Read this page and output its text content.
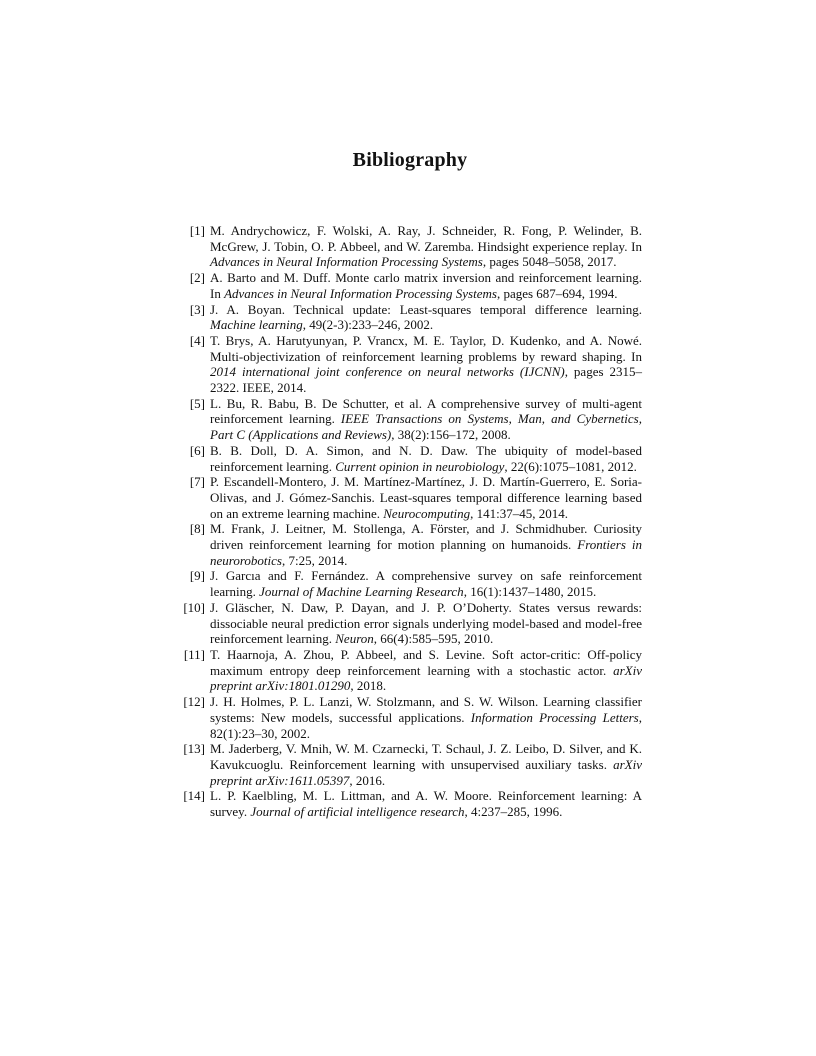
Bibliography
[1] M. Andrychowicz, F. Wolski, A. Ray, J. Schneider, R. Fong, P. Welinder, B. McGrew, J. Tobin, O. P. Abbeel, and W. Zaremba. Hindsight experience replay. In Advances in Neural Information Processing Systems, pages 5048–5058, 2017.
[2] A. Barto and M. Duff. Monte carlo matrix inversion and reinforcement learning. In Advances in Neural Information Processing Systems, pages 687–694, 1994.
[3] J. A. Boyan. Technical update: Least-squares temporal difference learning. Machine learning, 49(2-3):233–246, 2002.
[4] T. Brys, A. Harutyunyan, P. Vrancx, M. E. Taylor, D. Kudenko, and A. Nowé. Multi-objectivization of reinforcement learning problems by reward shaping. In 2014 international joint conference on neural networks (IJCNN), pages 2315–2322. IEEE, 2014.
[5] L. Bu, R. Babu, B. De Schutter, et al. A comprehensive survey of multi-agent reinforcement learning. IEEE Transactions on Systems, Man, and Cybernetics, Part C (Applications and Reviews), 38(2):156–172, 2008.
[6] B. B. Doll, D. A. Simon, and N. D. Daw. The ubiquity of model-based reinforcement learning. Current opinion in neurobiology, 22(6):1075–1081, 2012.
[7] P. Escandell-Montero, J. M. Martínez-Martínez, J. D. Martín-Guerrero, E. Soria-Olivas, and J. Gómez-Sanchis. Least-squares temporal difference learning based on an extreme learning machine. Neurocomputing, 141:37–45, 2014.
[8] M. Frank, J. Leitner, M. Stollenga, A. Förster, and J. Schmidhuber. Curiosity driven reinforcement learning for motion planning on humanoids. Frontiers in neurorobotics, 7:25, 2014.
[9] J. Garcıa and F. Fernández. A comprehensive survey on safe reinforcement learning. Journal of Machine Learning Research, 16(1):1437–1480, 2015.
[10] J. Gläscher, N. Daw, P. Dayan, and J. P. O’Doherty. States versus rewards: dissociable neural prediction error signals underlying model-based and model-free reinforcement learning. Neuron, 66(4):585–595, 2010.
[11] T. Haarnoja, A. Zhou, P. Abbeel, and S. Levine. Soft actor-critic: Off-policy maximum entropy deep reinforcement learning with a stochastic actor. arXiv preprint arXiv:1801.01290, 2018.
[12] J. H. Holmes, P. L. Lanzi, W. Stolzmann, and S. W. Wilson. Learning classifier systems: New models, successful applications. Information Processing Letters, 82(1):23–30, 2002.
[13] M. Jaderberg, V. Mnih, W. M. Czarnecki, T. Schaul, J. Z. Leibo, D. Silver, and K. Kavukcuoglu. Reinforcement learning with unsupervised auxiliary tasks. arXiv preprint arXiv:1611.05397, 2016.
[14] L. P. Kaelbling, M. L. Littman, and A. W. Moore. Reinforcement learning: A survey. Journal of artificial intelligence research, 4:237–285, 1996.
